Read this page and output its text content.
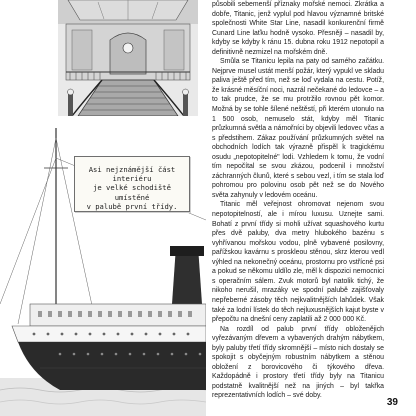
Asi nejznámější část interiéru
je velké schodiště umístěné
v palubě první třídy.

působili sebemenší příznaky mořské nemoci. Zkrátka a dobře, Titanic, jenž vyplul pod hlavou významné britské společnosti White Star Line, nasadil konkurenční firmě Cunard Line laťku hodně vysoko. Přesněji – nasadil by, kdyby se kdyby k ránu 15. dubna roku 1912 nepotopil a definitivně nezmizel na mořském dně.

Smůla se Titanicu lepila na paty od samého začátku. Nejprve musel ustát menší požár, který vypukl ve skladu paliva ještě před tím, než se loď vydala na cestu. Potíž, že krásné měsíční noci, nazrál nečekané do ledovce – a to tak prudce, že se mu protržilo rovnou pět komor. Možná by se tohle šílené neštěstí, při kterém utonulo na 1 500 osob, nemuselo stát, kdyby měl Titanic průzkumná světla a námořníci by objevili ledovec včas a s předstihem. Zákaz používání průzkumných světel na obchodních lodích tak výrazně přispěl k tragickému osudu „nepotopitelné" lodi. Vzhledem k tomu, že vodní tím nepočítal se svou zkázou, podcenil i množství záchranných člunů, které s sebou vezl, i tím se stala loď pohromou pro polovinu osob pět než se do Nového světa zahynuly v ledovém oceánu.

Titanic měl veřejnost ohromovat nejenom svou nepotopitelností, ale i mírou luxusu. Uznejte sami. Bohatí z první třídy si mohli užívat squashového kurtu přes dvě paluby, dva metry hlubokého bazénu s vyhřívanou mořskou vodou, plně vybavené posilovny, pařížskou kavárnu s proskleou stěnou, skrz kterou vedl výhled na nekonečný oceánu, prostornu pro vstřícné psi a pokud se někomu uldílo zle, měl k dispozici nemocnici s operačním sálem. Zvuk motorů byl natolik tichý, že nikoho nerušil, mrazáky ve spodní palubě zajišťovaly nepřeberné zásoby těch nejkvalitnějších lahůdek. Však také za lodní lístek do těch nejluxusnějších kajut byste v přepočtu na dnešní ceny zaplatili až 2 000 000 Kč.

Na rozdíl od palub první třídy obloženějich vyřezávaným dřevem a vybavených drahým nábytkem, byly paluby třetí třídy skromnější – místo nich dostaly se spokojit s obyčejným robustním nábytkem a stěnou obložení z borovicového či týkového dřeva. Každopádně i prostory třetí třídy byly na Titanicu podstatně kvalitnější než na jiných – byl takřka reprezentativních lodích – své doby.

39
